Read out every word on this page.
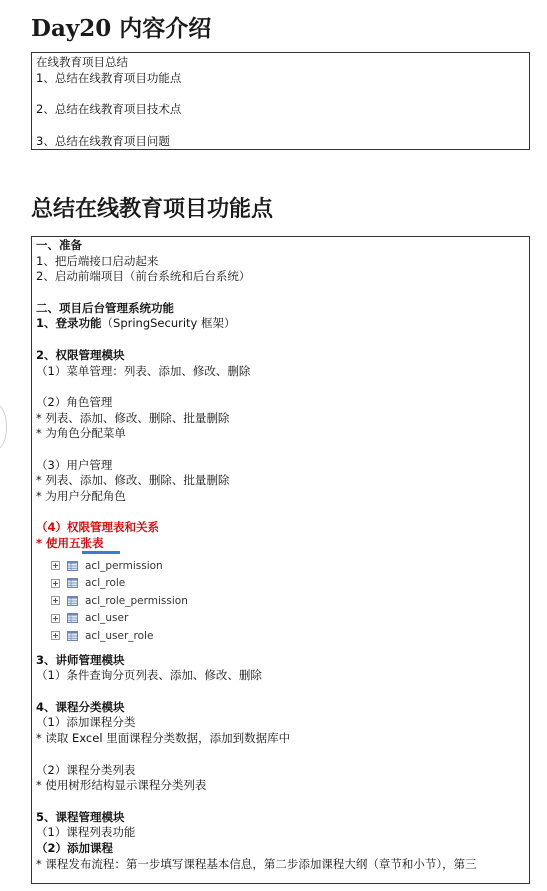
Day20 内容介绍
在线教育项目总结
1、总结在线教育项目功能点
2、总结在线教育项目技术点
3、总结在线教育项目问题
总结在线教育项目功能点
一、准备
1、把后端接口启动起来
2、启动前端项目（前台系统和后台系统）
二、项目后台管理系统功能
1、登录功能（SpringSecurity 框架）
2、权限管理模块
（1）菜单管理：列表、添加、修改、删除
（2）角色管理
* 列表、添加、修改、删除、批量删除
* 为角色分配菜单
（3）用户管理
* 列表、添加、修改、删除、批量删除
* 为用户分配角色
（4）权限管理表和关系
* 使用五张表
acl_permission
acl_role
acl_role_permission
acl_user
acl_user_role
3、讲师管理模块
（1）条件查询分页列表、添加、修改、删除
4、课程分类模块
（1）添加课程分类
* 读取 Excel 里面课程分类数据，添加到数据库中
（2）课程分类列表
* 使用树形结构显示课程分类列表
5、课程管理模块
（1）课程列表功能
（2）添加课程
* 课程发布流程：第一步填写课程基本信息，第二步添加课程大纲（章节和小节），第三
